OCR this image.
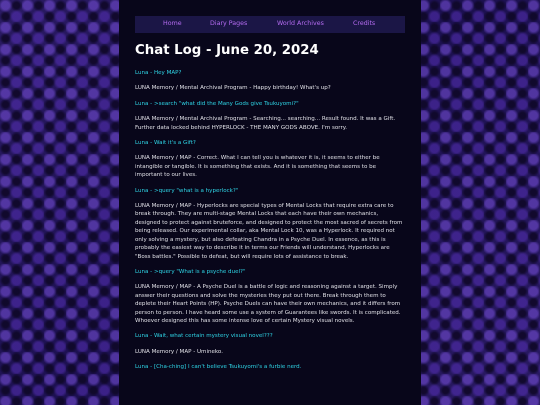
Home	Diary Pages	World Archives	Credits
Chat Log - June 20, 2024

Luna - Hey MAP?

LUNA Memory / Mental Archival Program - Happy birthday! What's up?

Luna - >search "what did the Many Gods give Tsukuyomi?"

LUNA Memory / Mental Archival Program - Searching... searching... Result found. It was a Gift. Further data locked behind HYPERLOCK - THE MANY GODS ABOVE. I'm sorry.

Luna - Wait it's a Gift?

LUNA Memory / MAP - Correct. What I can tell you is whatever it is, it seems to either be intangible or tangible. It is something that exists. And it is something that seems to be important to our lives.

Luna - >query "what is a hyperlock?"

LUNA Memory / MAP - Hyperlocks are special types of Mental Locks that require extra care to break through. They are multi-stage Mental Locks that each have their own mechanics, designed to protect against bruteforce, and designed to protect the most sacred of secrets from being released. Our experimental collar, aka Mental Lock 10, was a Hyperlock. It required not only solving a mystery, but also defeating Chandra in a Psyche Duel. In essence, as this is probably the easiest way to describe it in terms our Friends will understand, Hyperlocks are "Boss battles." Possible to defeat, but will require lots of assistance to break.

Luna - >query "What is a psyche duel?"

LUNA Memory / MAP - A Psyche Duel is a battle of logic and reasoning against a target. Simply answer their questions and solve the mysteries they put out there. Break through them to deplete their Heart Points (HP). Psyche Duels can have their own mechanics, and it differs from person to person. I have heard some use a system of Guarantees like swords. It is complicated. Whoever designed this has some intense love of certain Mystery visual novels.

Luna - Wait, what certain mystery visual novel???

LUNA Memory / MAP - Umineko.

Luna - [Cha-ching] I can't believe Tsukuyomi's a furbie nerd.
